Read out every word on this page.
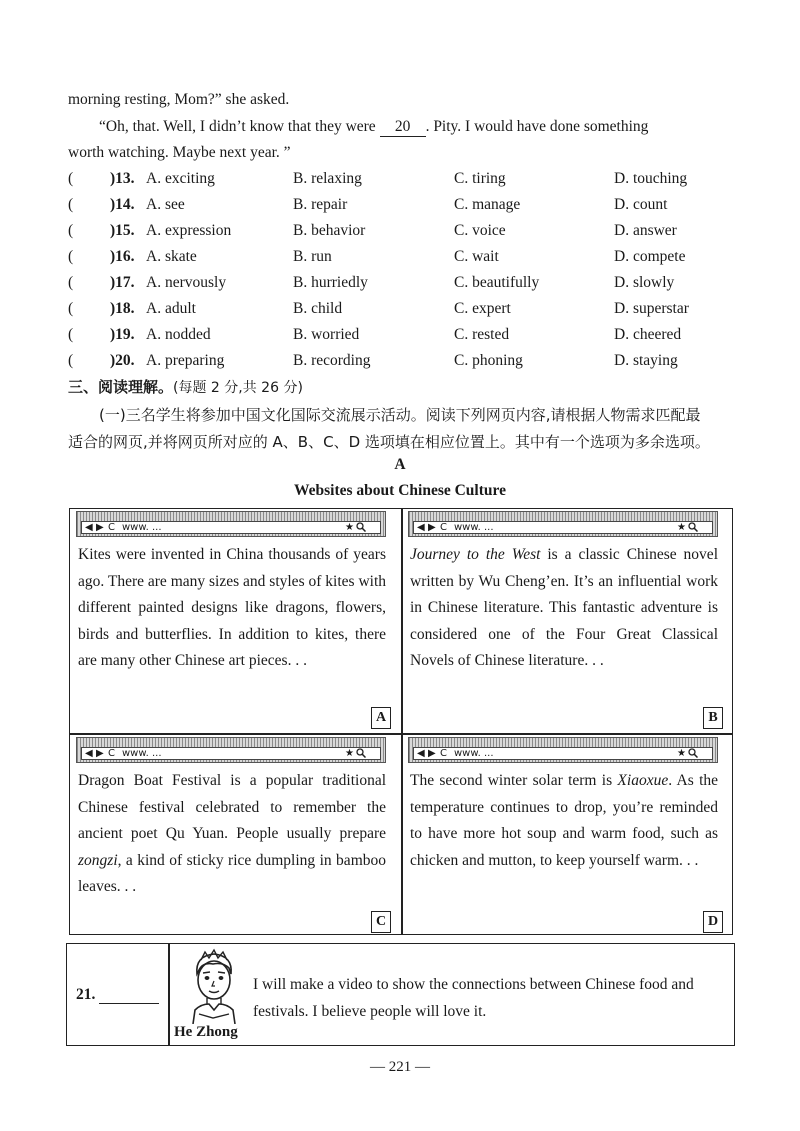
morning resting, Mom?” she asked.
“Oh, that. Well, I didn’t know that they were 20 . Pity. I would have done something
worth watching. Maybe next year. ”
( )13. A. exciting	B. relaxing	C. tiring	D. touching
( )14. A. see	B. repair	C. manage	D. count
( )15. A. expression	B. behavior	C. voice	D. answer
( )16. A. skate	B. run	C. wait	D. compete
( )17. A. nervously	B. hurriedly	C. beautifully	D. slowly
( )18. A. adult	B. child	C. expert	D. superstar
( )19. A. nodded	B. worried	C. rested	D. cheered
( )20. A. preparing	B. recording	C. phoning	D. staying
三、阅读理解。(每题 2 分,共 26 分)
(一)三名学生将参加中国文化国际交流展示活动。阅读下列网页内容,请根据人物需求匹配最
适合的网页,并将网页所对应的 A、B、C、D 选项填在相应位置上。其中有一个选项为多余选项。
A
Websites about Chinese Culture
◀ ▶ C www. ...	★
Kites were invented in China thousands of years ago. There are many sizes and styles of kites with different painted designs like dragons, flowers, birds and butterflies. In addition to kites, there are many other Chinese art pieces. . .
A
◀ ▶ C www. ...	★
Journey to the West is a classic Chinese novel written by Wu Cheng’en. It’s an influential work in Chinese literature. This fantastic adventure is considered one of the Four Great Classical Novels of Chinese literature. . .
B
◀ ▶ C www. ...	★
Dragon Boat Festival is a popular traditional Chinese festival celebrated to remember the ancient poet Qu Yuan. People usually prepare zongzi, a kind of sticky rice dumpling in bamboo leaves. . .
C
◀ ▶ C www. ...	★
The second winter solar term is Xiaoxue. As the temperature continues to drop, you’re reminded to have more hot soup and warm food, such as chicken and mutton, to keep yourself warm. . .
D
21.
He Zhong
I will make a video to show the connections between Chinese food and festivals. I believe people will love it.
— 221 —
